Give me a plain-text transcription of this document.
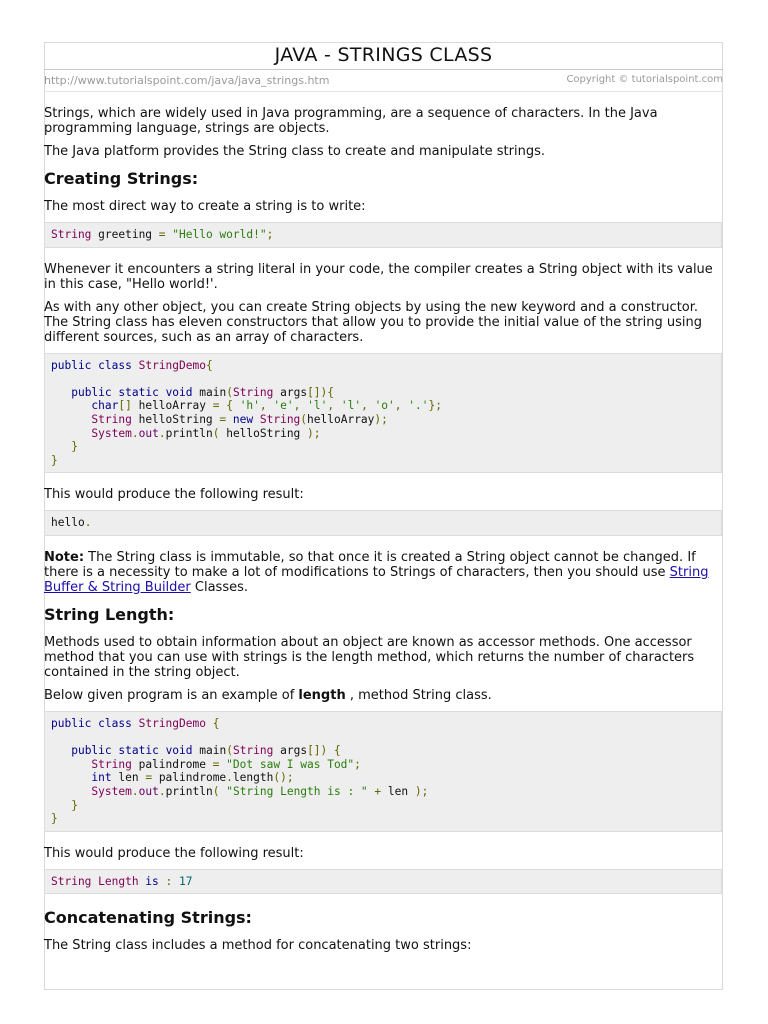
JAVA - STRINGS CLASS
http://www.tutorialspoint.com/java/java_strings.htm	Copyright © tutorialspoint.com

Strings, which are widely used in Java programming, are a sequence of characters. In the Java programming language, strings are objects.

The Java platform provides the String class to create and manipulate strings.

Creating Strings:

The most direct way to create a string is to write:

String greeting = "Hello world!";

Whenever it encounters a string literal in your code, the compiler creates a String object with its value in this case, "Hello world!'.

As with any other object, you can create String objects by using the new keyword and a constructor. The String class has eleven constructors that allow you to provide the initial value of the string using different sources, such as an array of characters.

public class StringDemo{

public static void main(String args[]){
char[] helloArray = { 'h', 'e', 'l', 'l', 'o', '.'};
String helloString = new String(helloArray);
System.out.println( helloString );
}
}

This would produce the following result:

hello.

Note: The String class is immutable, so that once it is created a String object cannot be changed. If there is a necessity to make a lot of modifications to Strings of characters, then you should use String Buffer & String Builder Classes.

String Length:

Methods used to obtain information about an object are known as accessor methods. One accessor method that you can use with strings is the length method, which returns the number of characters contained in the string object.

Below given program is an example of length , method String class.

public class StringDemo {

public static void main(String args[]) {
String palindrome = "Dot saw I was Tod";
int len = palindrome.length();
System.out.println( "String Length is : " + len );
}
}

This would produce the following result:

String Length is : 17
Concatenating Strings:

The String class includes a method for concatenating two strings:
